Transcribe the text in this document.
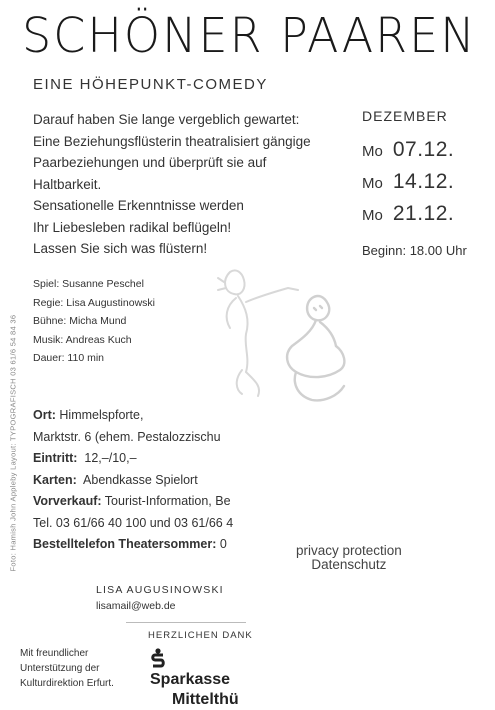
SCHÖNER PAAREN
EINE HÖHEPUNKT-COMEDY
Darauf haben Sie lange vergeblich gewartet:
Eine Beziehungsflüsterin theatralisiert gängige
Paarbeziehungen und überprüft sie auf
Haltbarkeit.
Sensationelle Erkenntnisse werden
Ihr Liebesleben radikal beflügeln!
Lassen Sie sich was flüstern!
DEZEMBER
Mo 07.12.
Mo 14.12.
Mo 21.12.
Beginn: 18.00 Uhr
Spiel: Susanne Peschel
Regie: Lisa Augustinowski
Bühne: Micha Mund
Musik: Andreas Kuch
Dauer: 110 min
Ort: Himmelspforte,
Marktstr. 6 (ehem. Pestalozzischu
Eintritt: 12,–/10,–
Karten: Abendkasse Spielort
Vorverkauf: Tourist-Information, Be
Tel. 03 61/66 40 100 und 03 61/66 4
Bestelltelefon Theatersommer: 0
Foto: Hamish John Appleby Layout: TYPOGRAFISCH 03 61/6 54 84 36	privacy protection
Datenschutz
LISA AUGUSINOWSKI
lisamail@web.de
Mit freundlicher
Unterstützung der
Kulturdirektion Erfurt.
HERZLICHEN DANK
Sparkasse
Mittelthü
